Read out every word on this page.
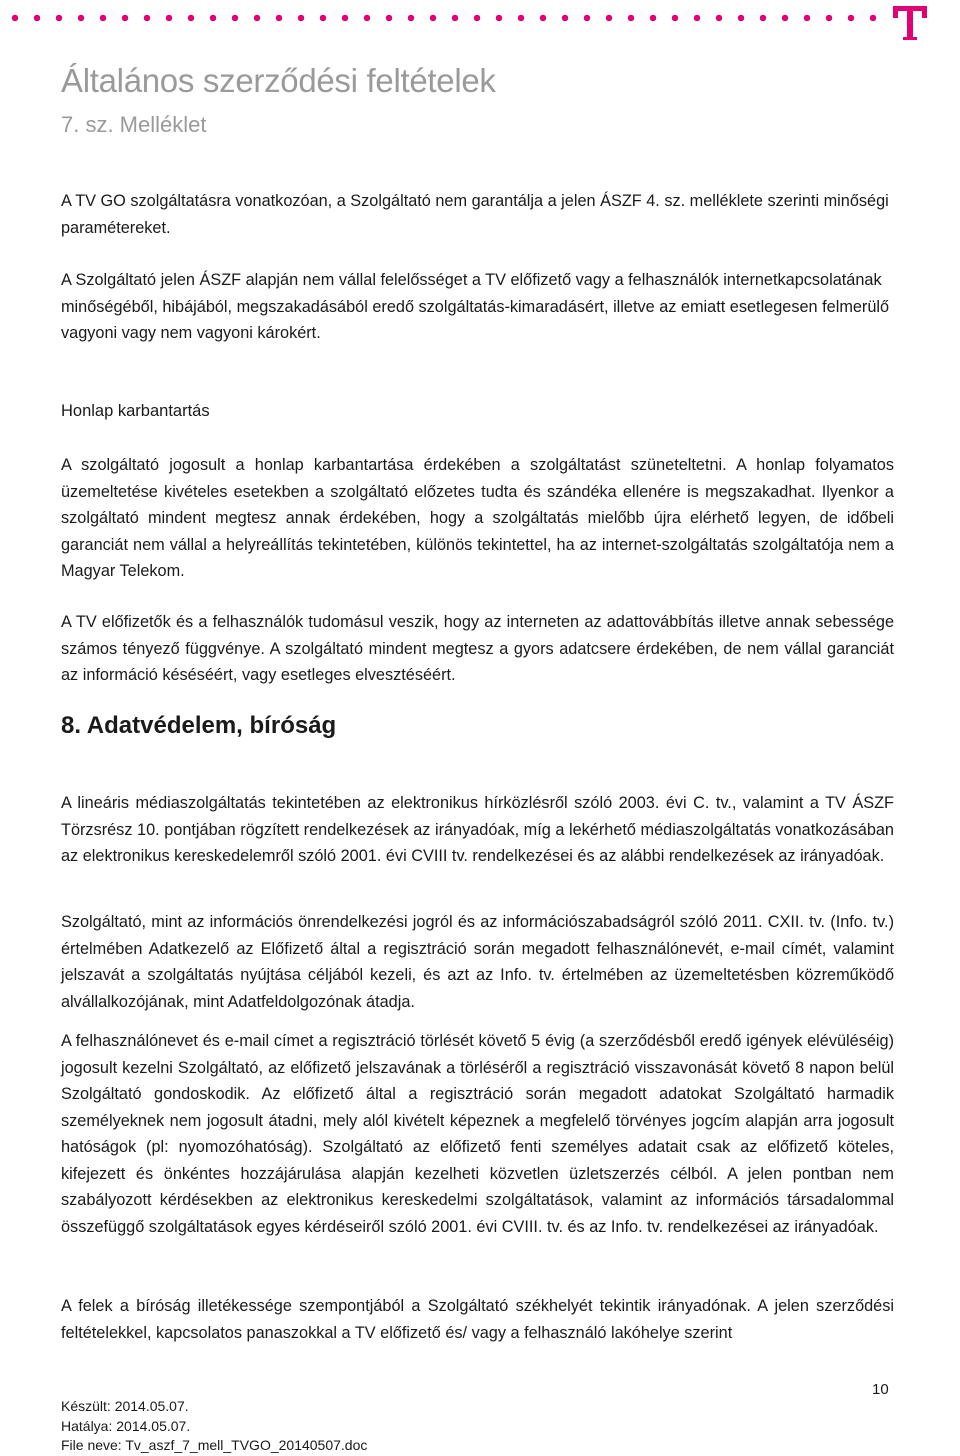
T
Általános szerződési feltételek
7. sz. Melléklet

A TV GO szolgáltatásra vonatkozóan, a Szolgáltató nem garantálja a jelen ÁSZF 4. sz. melléklete szerinti minőségi paramétereket.

A Szolgáltató jelen ÁSZF alapján nem vállal felelősséget a TV előfizető vagy a felhasználók internetkapcsolatának minőségéből, hibájából, megszakadásából eredő szolgáltatás-kimaradásért, illetve az emiatt esetlegesen felmerülő vagyoni vagy nem vagyoni károkért.

Honlap karbantartás

A szolgáltató jogosult a honlap karbantartása érdekében a szolgáltatást szüneteltetni. A honlap folyamatos üzemeltetése kivételes esetekben a szolgáltató előzetes tudta és szándéka ellenére is megszakadhat. Ilyenkor a szolgáltató mindent megtesz annak érdekében, hogy a szolgáltatás mielőbb újra elérhető legyen, de időbeli garanciát nem vállal a helyreállítás tekintetében, különös tekintettel, ha az internet-szolgáltatás szolgáltatója nem a Magyar Telekom.

A TV előfizetők és a felhasználók tudomásul veszik, hogy az interneten az adattovábbítás illetve annak sebessége számos tényező függvénye. A szolgáltató mindent megtesz a gyors adatcsere érdekében, de nem vállal garanciát az információ késéséért, vagy esetleges elvesztéséért.

8. Adatvédelem, bíróság

A lineáris médiaszolgáltatás tekintetében az elektronikus hírközlésről szóló 2003. évi C. tv., valamint a TV ÁSZF Törzsrész 10. pontjában rögzített rendelkezések az irányadóak, míg a lekérhető médiaszolgáltatás vonatkozásában az elektronikus kereskedelemről szóló 2001. évi CVIII tv. rendelkezései és az alábbi rendelkezések az irányadóak.

Szolgáltató, mint az információs önrendelkezési jogról és az információszabadságról szóló 2011. CXII. tv. (Info. tv.) értelmében Adatkezelő az Előfizető által a regisztráció során megadott felhasználónevét, e-mail címét, valamint jelszavát a szolgáltatás nyújtása céljából kezeli, és azt az Info. tv. értelmében az üzemeltetésben közreműködő alvállalkozójának, mint Adatfeldolgozónak átadja.

A felhasználónevet és e-mail címet a regisztráció törlését követő 5 évig (a szerződésből eredő igények elévüléséig) jogosult kezelni Szolgáltató, az előfizető jelszavának a törléséről a regisztráció visszavonását követő 8 napon belül Szolgáltató gondoskodik. Az előfizető által a regisztráció során megadott adatokat Szolgáltató harmadik személyeknek nem jogosult átadni, mely alól kivételt képeznek a megfelelő törvényes jogcím alapján arra jogosult hatóságok (pl: nyomozóhatóság). Szolgáltató az előfizető fenti személyes adatait csak az előfizető köteles, kifejezett és önkéntes hozzájárulása alapján kezelheti közvetlen üzletszerzés célból. A jelen pontban nem szabályozott kérdésekben az elektronikus kereskedelmi szolgáltatások, valamint az információs társadalommal összefüggő szolgáltatások egyes kérdéseiről szóló 2001. évi CVIII. tv. és az Info. tv. rendelkezései az irányadóak.

A felek a bíróság illetékessége szempontjából a Szolgáltató székhelyét tekintik irányadónak. A jelen szerződési feltételekkel, kapcsolatos panaszokkal a TV előfizető és/ vagy a felhasználó lakóhelye szerint

10
Készült: 2014.05.07.
Hatálya: 2014.05.07.
File neve: Tv_aszf_7_mell_TVGO_20140507.doc
